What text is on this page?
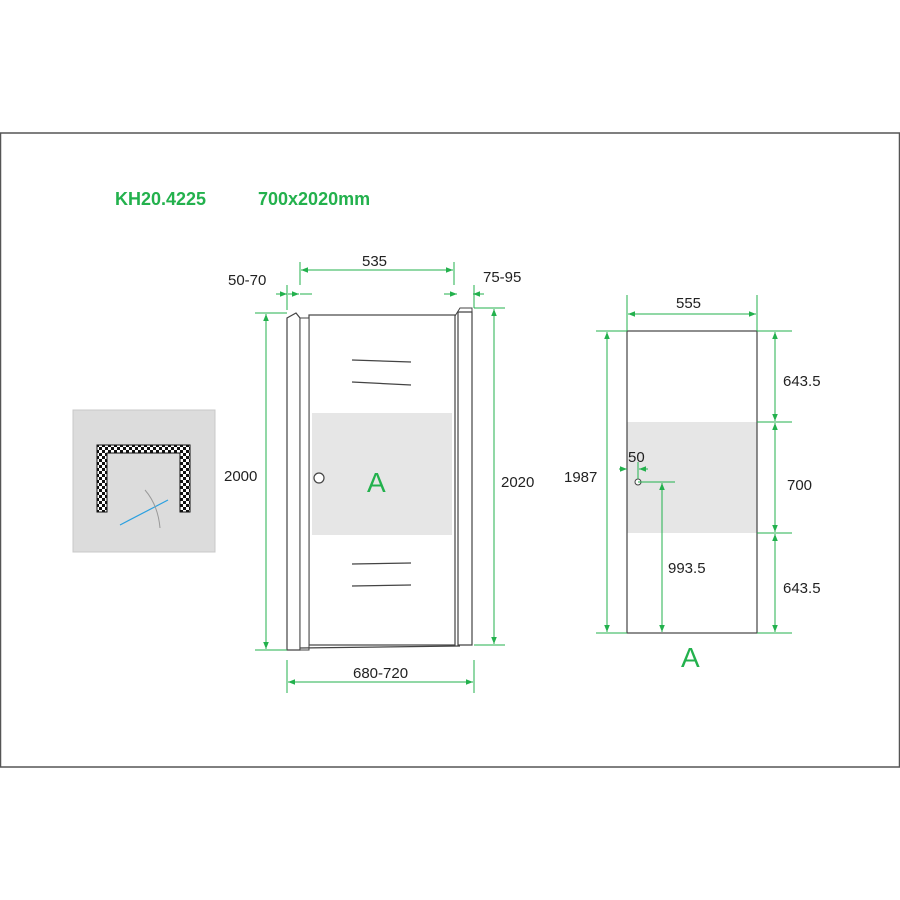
KH20.4225	700x2020mm
A
535
50-70	75-95
2000	2020
680-720
A
555
1987
643.5
700
643.5
50
993.5
